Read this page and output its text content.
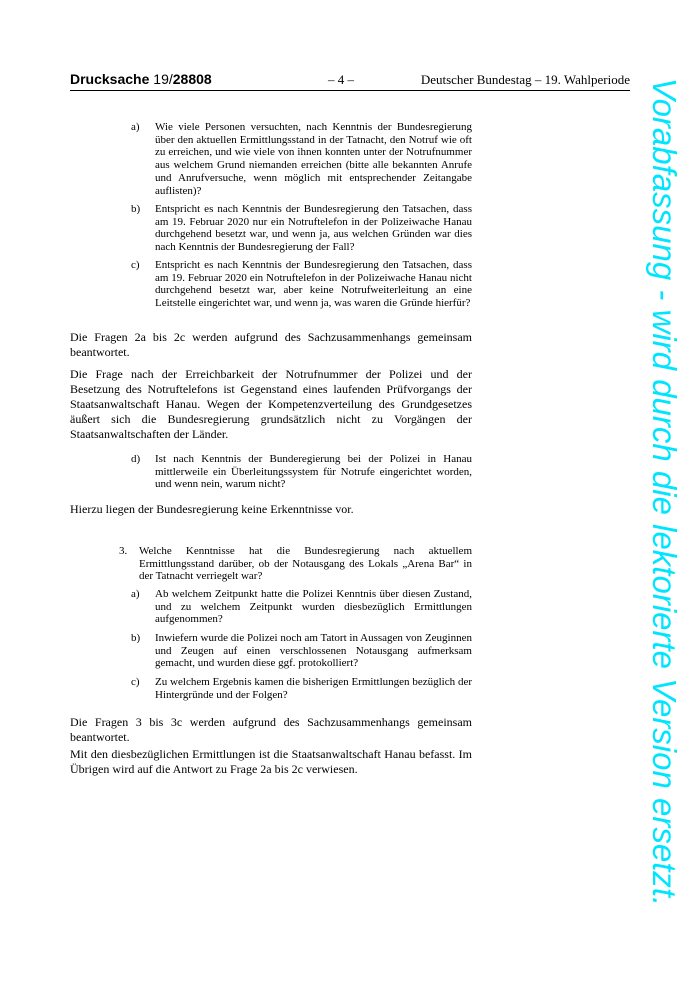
Drucksache 19/28808	– 4 –	Deutscher Bundestag – 19. Wahlperiode
a) Wie viele Personen versuchten, nach Kenntnis der Bundesregierung über den aktuellen Ermittlungsstand in der Tatnacht, den Notruf wie oft zu erreichen, und wie viele von ihnen konnten unter der Notrufnummer aus welchem Grund niemanden erreichen (bitte alle bekannten Anrufe und Anrufversuche, wenn möglich mit entsprechender Zeitangabe auflisten)?
b) Entspricht es nach Kenntnis der Bundesregierung den Tatsachen, dass am 19. Februar 2020 nur ein Notruftelefon in der Polizeiwache Hanau durchgehend besetzt war, und wenn ja, aus welchen Gründen war dies nach Kenntnis der Bundesregierung der Fall?
c) Entspricht es nach Kenntnis der Bundesregierung den Tatsachen, dass am 19. Februar 2020 ein Notruftelefon in der Polizeiwache Hanau nicht durchgehend besetzt war, aber keine Notrufweiterleitung an eine Leitstelle eingerichtet war, und wenn ja, was waren die Gründe hierfür?
Die Fragen 2a bis 2c werden aufgrund des Sachzusammenhangs gemeinsam beantwortet.
Die Frage nach der Erreichbarkeit der Notrufnummer der Polizei und der Besetzung des Notruftelefons ist Gegenstand eines laufenden Prüfvorgangs der Staatsanwaltschaft Hanau. Wegen der Kompetenzverteilung des Grundgesetzes äußert sich die Bundesregierung grundsätzlich nicht zu Vorgängen der Staatsanwaltschaften der Länder.
d) Ist nach Kenntnis der Bunderegierung bei der Polizei in Hanau mittlerweile ein Überleitungssystem für Notrufe eingerichtet worden, und wenn nein, warum nicht?
Hierzu liegen der Bundesregierung keine Erkenntnisse vor.
3. Welche Kenntnisse hat die Bundesregierung nach aktuellem Ermittlungsstand darüber, ob der Notausgang des Lokals „Arena Bar“ in der Tatnacht verriegelt war?
a) Ab welchem Zeitpunkt hatte die Polizei Kenntnis über diesen Zustand, und zu welchem Zeitpunkt wurden diesbezüglich Ermittlungen aufgenommen?
b) Inwiefern wurde die Polizei noch am Tatort in Aussagen von Zeuginnen und Zeugen auf einen verschlossenen Notausgang aufmerksam gemacht, und wurden diese ggf. protokolliert?
c) Zu welchem Ergebnis kamen die bisherigen Ermittlungen bezüglich der Hintergründe und der Folgen?
Die Fragen 3 bis 3c werden aufgrund des Sachzusammenhangs gemeinsam beantwortet.
Mit den diesbezüglichen Ermittlungen ist die Staatsanwaltschaft Hanau befasst. Im Übrigen wird auf die Antwort zu Frage 2a bis 2c verwiesen.	Vorabfassung - wird durch die lektorierte Version ersetzt.
